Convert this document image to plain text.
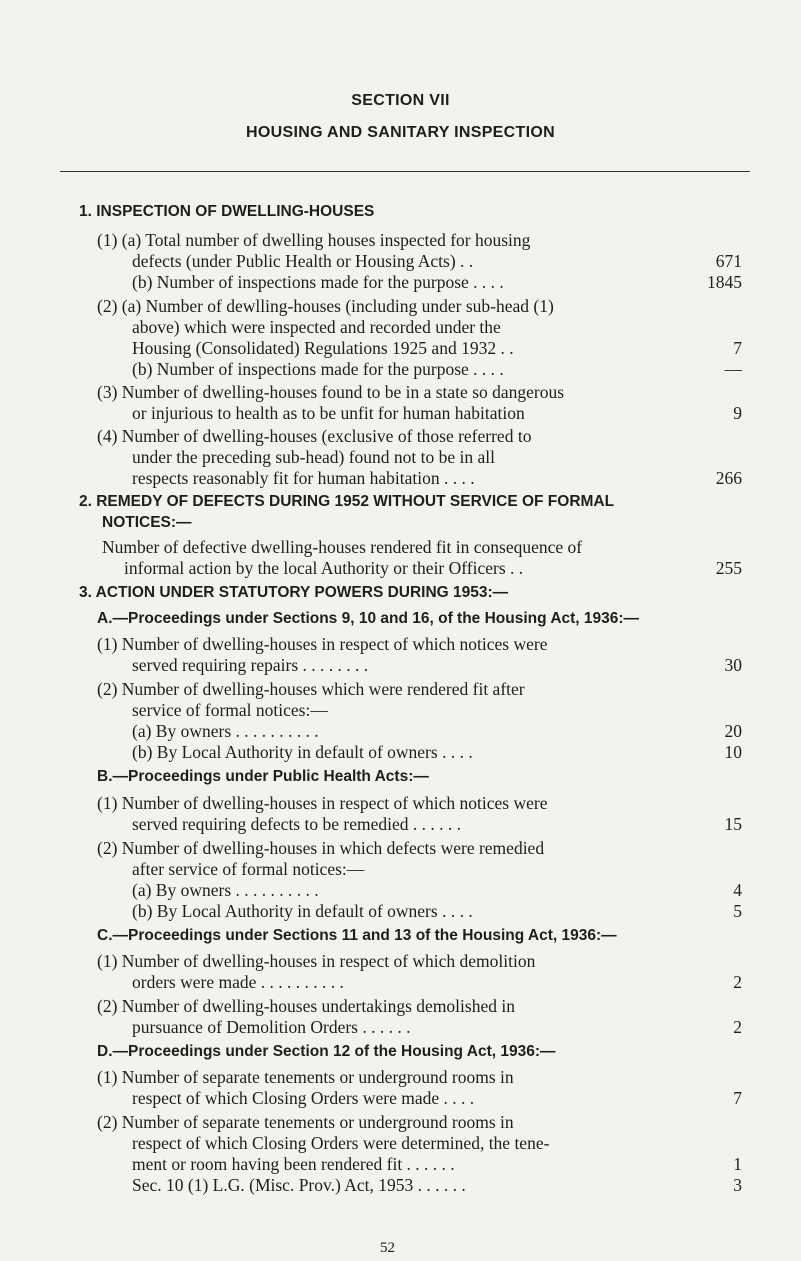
SECTION VII
HOUSING AND SANITARY INSPECTION
1. INSPECTION OF DWELLING-HOUSES
(1) (a) Total number of dwelling houses inspected for housing
defects (under Public Health or Housing Acts) . .	671
(b) Number of inspections made for the purpose . . . .	1845
(2) (a) Number of dewlling-houses (including under sub-head (1)
above) which were inspected and recorded under the
Housing (Consolidated) Regulations 1925 and 1932 . .	7
(b) Number of inspections made for the purpose . . . .	—
(3) Number of dwelling-houses found to be in a state so dangerous
or injurious to health as to be unfit for human habitation	9
(4) Number of dwelling-houses (exclusive of those referred to
under the preceding sub-head) found not to be in all
respects reasonably fit for human habitation . . . .	266
2. REMEDY OF DEFECTS DURING 1952 WITHOUT SERVICE OF FORMAL
NOTICES:—
Number of defective dwelling-houses rendered fit in consequence of
informal action by the local Authority or their Officers . .	255
3. ACTION UNDER STATUTORY POWERS DURING 1953:—
A.—Proceedings under Sections 9, 10 and 16, of the Housing Act, 1936:—
(1) Number of dwelling-houses in respect of which notices were
served requiring repairs . . . . . . . .	30
(2) Number of dwelling-houses which were rendered fit after
service of formal notices:—
(a) By owners . . . . . . . . . .	20
(b) By Local Authority in default of owners . . . .	10
B.—Proceedings under Public Health Acts:—
(1) Number of dwelling-houses in respect of which notices were
served requiring defects to be remedied . . . . . .	15
(2) Number of dwelling-houses in which defects were remedied
after service of formal notices:—
(a) By owners . . . . . . . . . .	4
(b) By Local Authority in default of owners . . . .	5
C.—Proceedings under Sections 11 and 13 of the Housing Act, 1936:—
(1) Number of dwelling-houses in respect of which demolition
orders were made . . . . . . . . . .	2
(2) Number of dwelling-houses undertakings demolished in
pursuance of Demolition Orders . . . . . .	2
D.—Proceedings under Section 12 of the Housing Act, 1936:—
(1) Number of separate tenements or underground rooms in
respect of which Closing Orders were made . . . .	7
(2) Number of separate tenements or underground rooms in
respect of which Closing Orders were determined, the tene-
ment or room having been rendered fit . . . . . .	1
Sec. 10 (1) L.G. (Misc. Prov.) Act, 1953 . . . . . .	3
52
